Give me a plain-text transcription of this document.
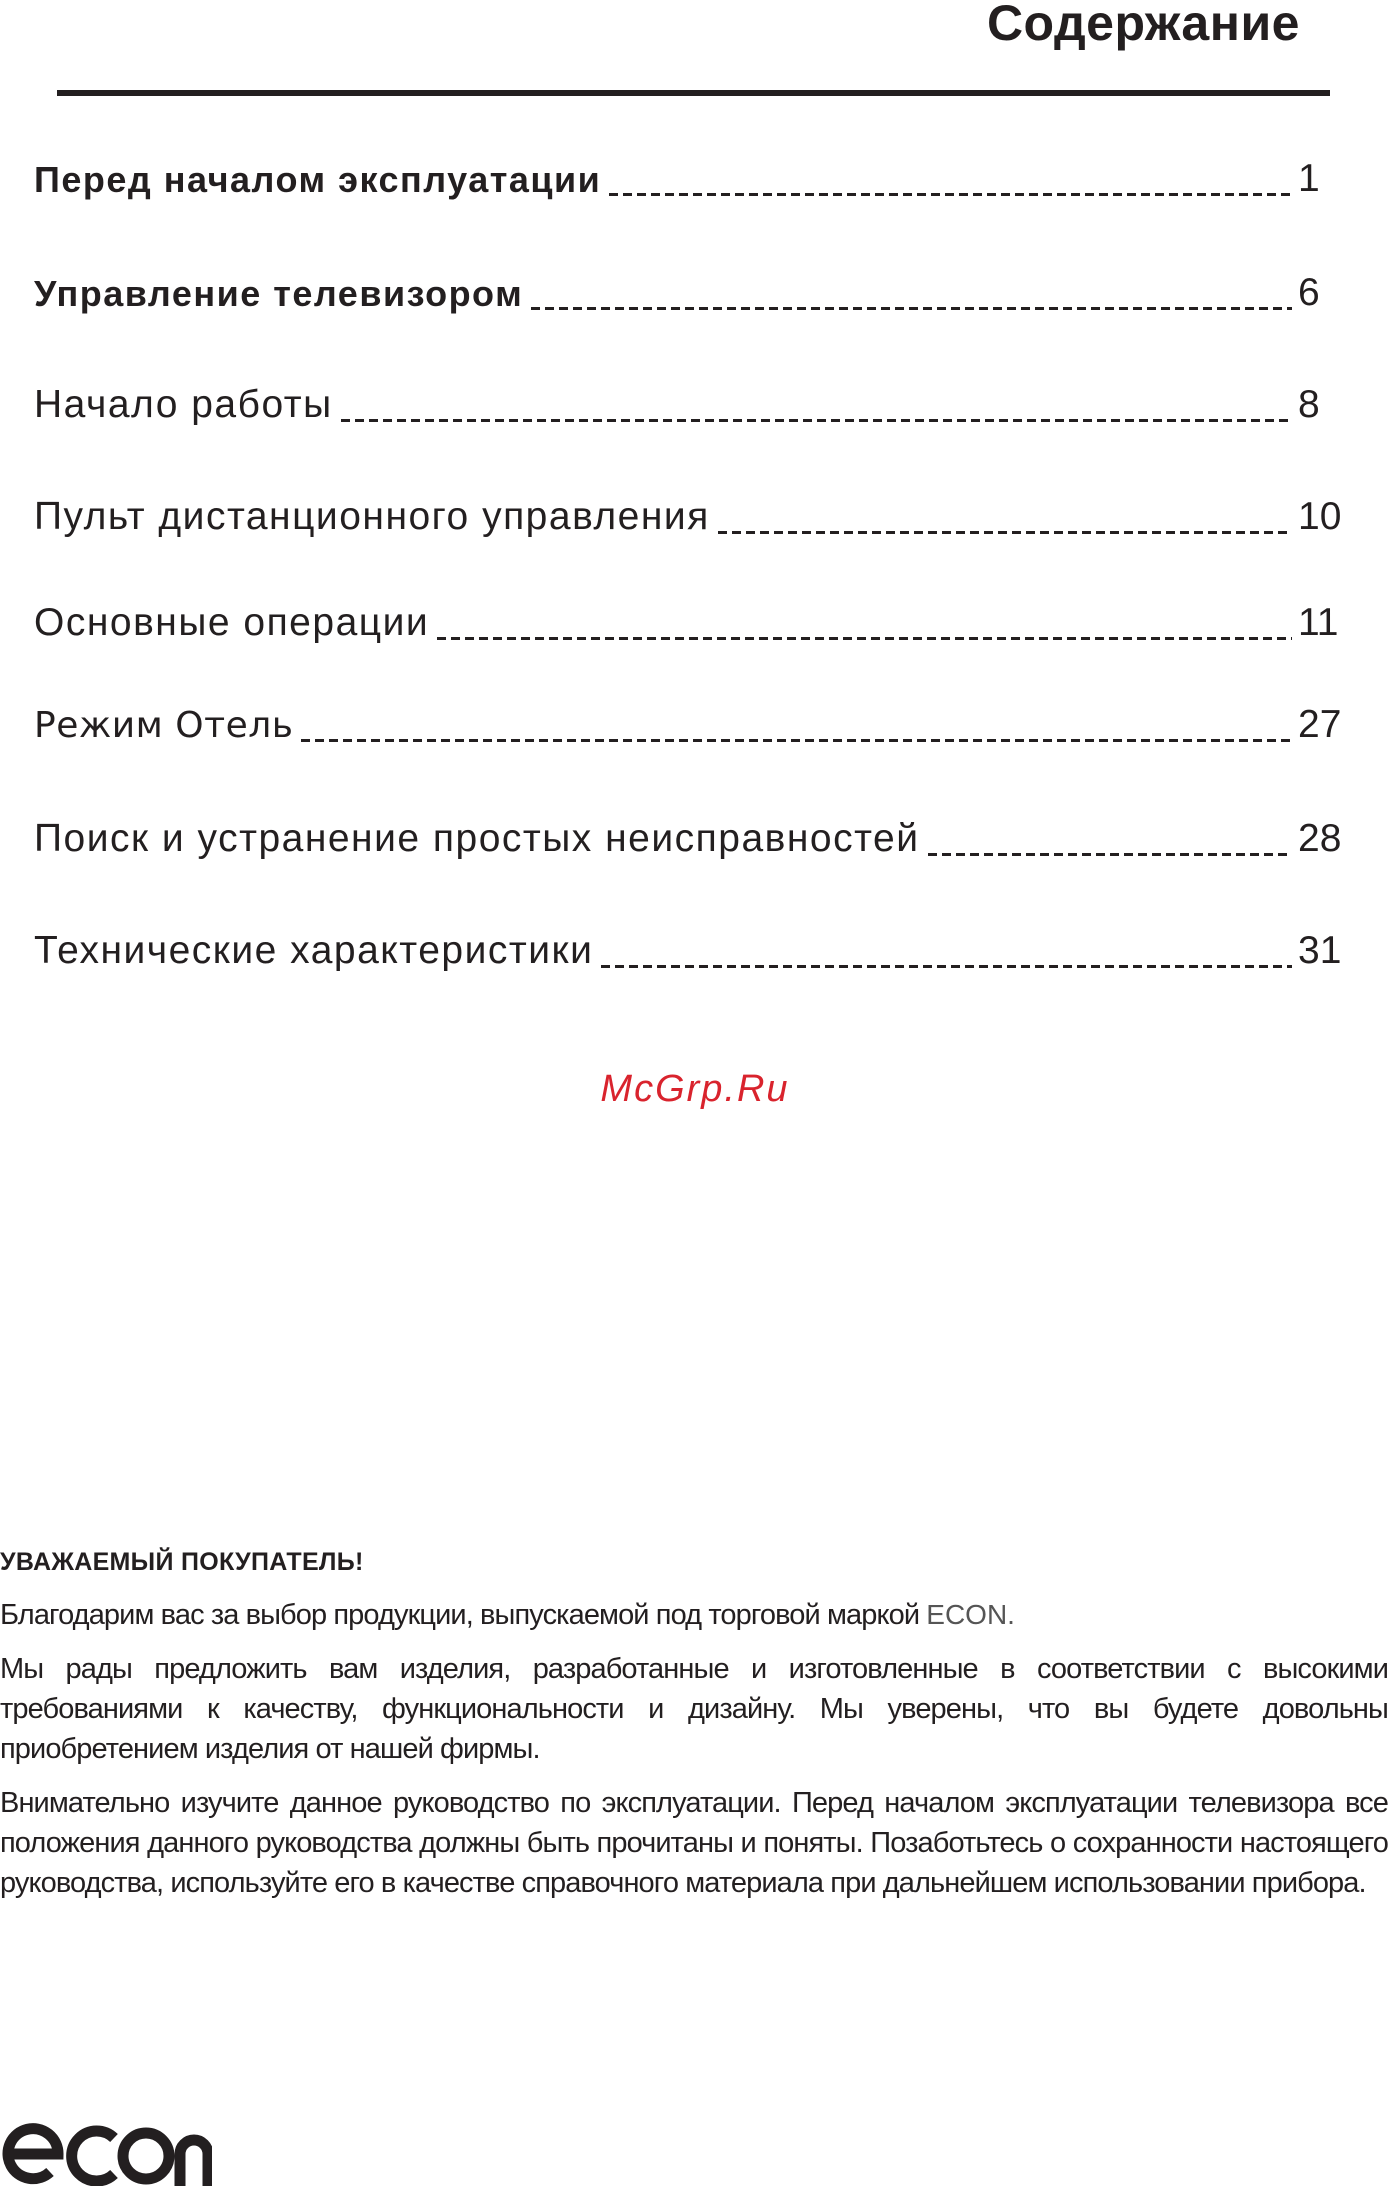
Содержание
Перед началом эксплуатации	1
Управление телевизором	6
Начало работы	8
Пульт дистанционного управления	10
Основные операции	11
Режим Отель	27
Поиск и устранение простых неисправностей	28
Технические характеристики	31
McGrp.Ru
УВАЖАЕМЫЙ ПОКУПАТЕЛЬ!

Благодарим вас за выбор продукции, выпускаемой под торговой маркой ECON.

Мы рады предложить вам изделия, разработанные и изготовленные в соответствии с высокими требованиями к качеству, функциональности и дизайну. Мы уверены, что вы будете довольны приобретением изделия от нашей фирмы.

Внимательно изучите данное руководство по эксплуатации. Перед началом эксплуатации телевизора все положения данного руководства должны быть прочитаны и поняты. Позаботьтесь о сохранности настоящего руководства, используйте его в качестве справочного материала при дальнейшем использовании прибора.
